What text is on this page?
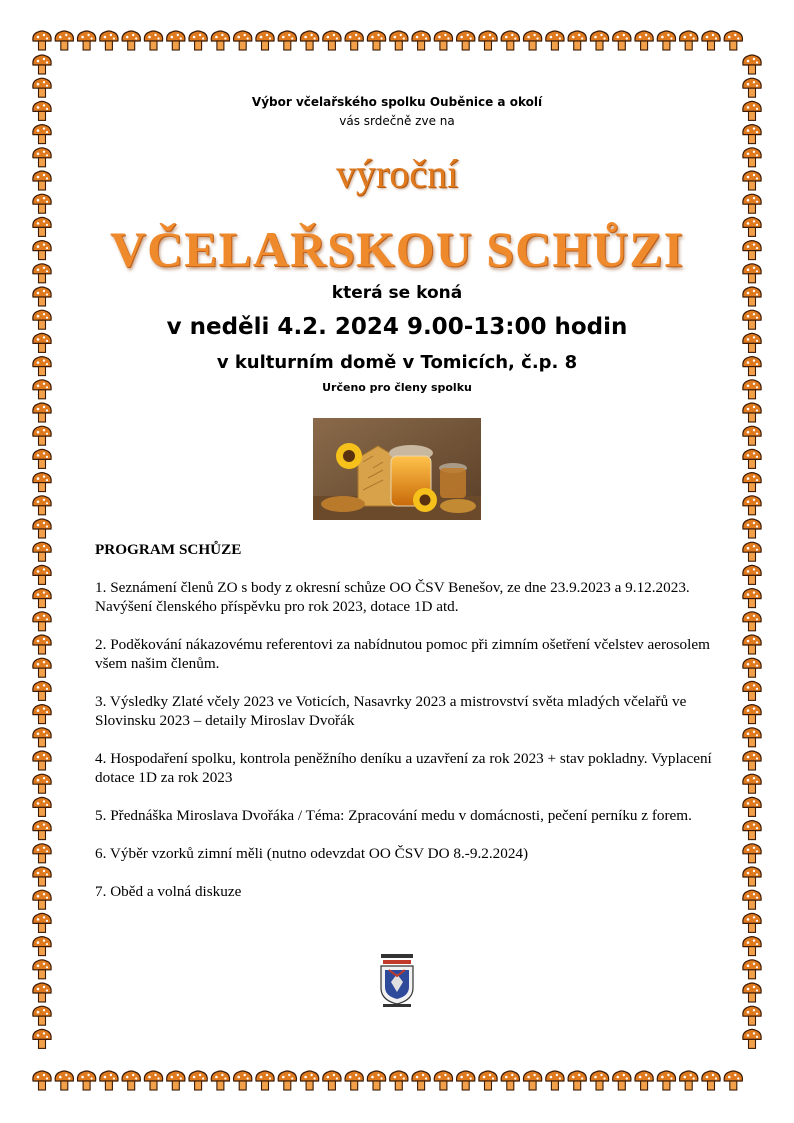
Výbor včelařského spolku Ouběnice a okolí
vás srdečně zve na
výroční
VČELAŘSKOU SCHŮZI
která se koná
v neděli 4.2. 2024 9.00-13:00 hodin
v kulturním domě v Tomicích, č.p. 8
Určeno pro členy spolku
PROGRAM SCHŮZE
1. Seznámení členů ZO s body z okresní schůze OO ČSV Benešov, ze dne 23.9.2023 a 9.12.2023. Navýšení členského příspěvku pro rok 2023, dotace 1D atd.
2. Poděkování nákazovému referentovi za nabídnutou pomoc při zimním ošetření včelstev aerosolem všem našim členům.
3. Výsledky Zlaté včely 2023 ve Voticích, Nasavrky 2023 a mistrovství světa mladých včelařů ve Slovinsku 2023 – detaily Miroslav Dvořák
4. Hospodaření spolku, kontrola peněžního deníku a uzavření za rok 2023 + stav pokladny. Vyplacení dotace 1D za rok 2023
5. Přednáška Miroslava Dvořáka / Téma: Zpracování medu v domácnosti, pečení perníku z forem.
6. Výběr vzorků zimní měli (nutno odevzdat OO ČSV DO 8.-9.2.2024)
7. Oběd a volná diskuze
